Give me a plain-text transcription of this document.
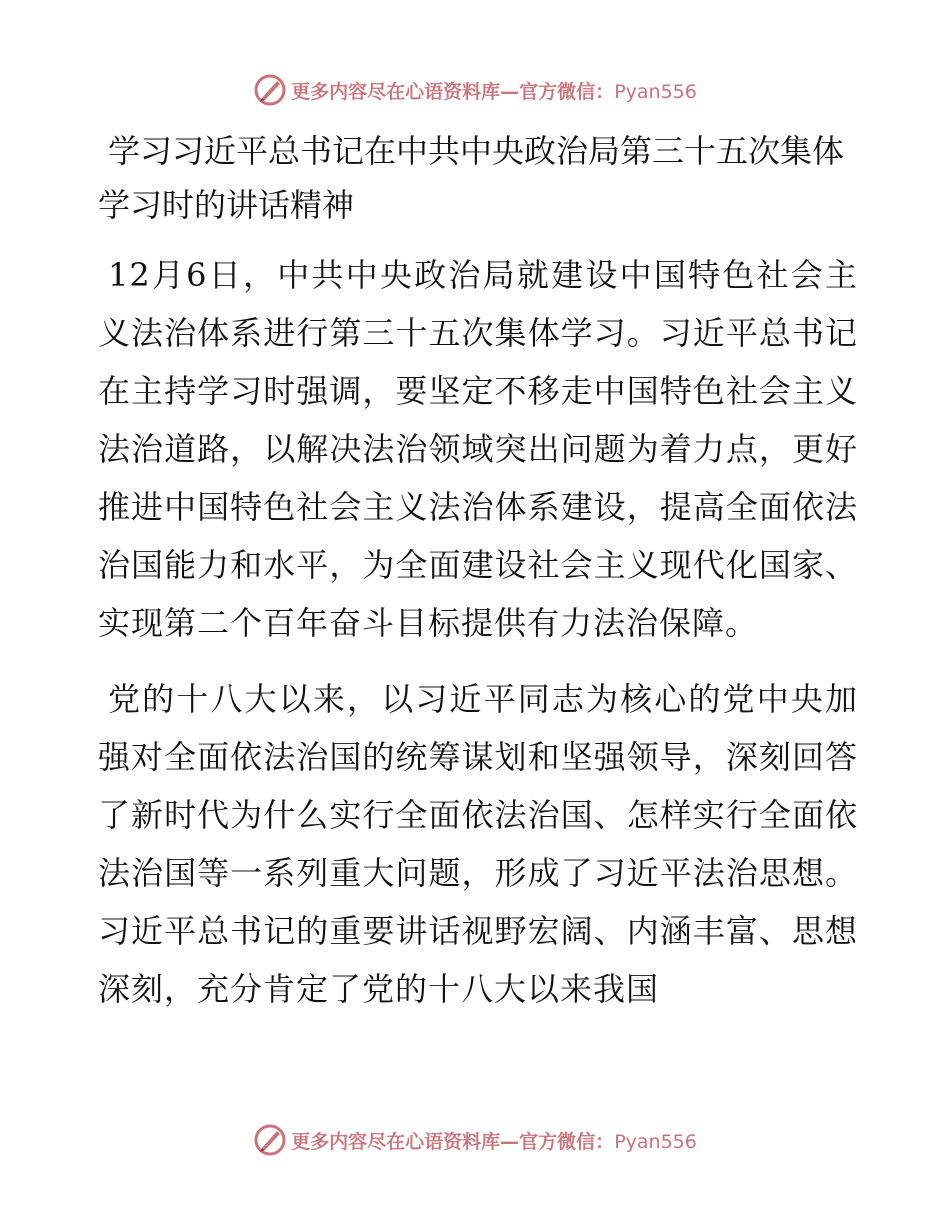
更多内容尽在心语资料库—官方微信：Pyan556
学习习近平总书记在中共中央政治局第三十五次集体学习时的讲话精神

12月6日，中共中央政治局就建设中国特色社会主义法治体系进行第三十五次集体学习。习近平总书记在主持学习时强调，要坚定不移走中国特色社会主义法治道路，以解决法治领域突出问题为着力点，更好推进中国特色社会主义法治体系建设，提高全面依法治国能力和水平，为全面建设社会主义现代化国家、实现第二个百年奋斗目标提供有力法治保障。

党的十八大以来，以习近平同志为核心的党中央加强对全面依法治国的统筹谋划和坚强领导，深刻回答了新时代为什么实行全面依法治国、怎样实行全面依法治国等一系列重大问题，形成了习近平法治思想。习近平总书记的重要讲话视野宏阔、内涵丰富、思想深刻，充分肯定了党的十八大以来我国

更多内容尽在心语资料库—官方微信：Pyan556
